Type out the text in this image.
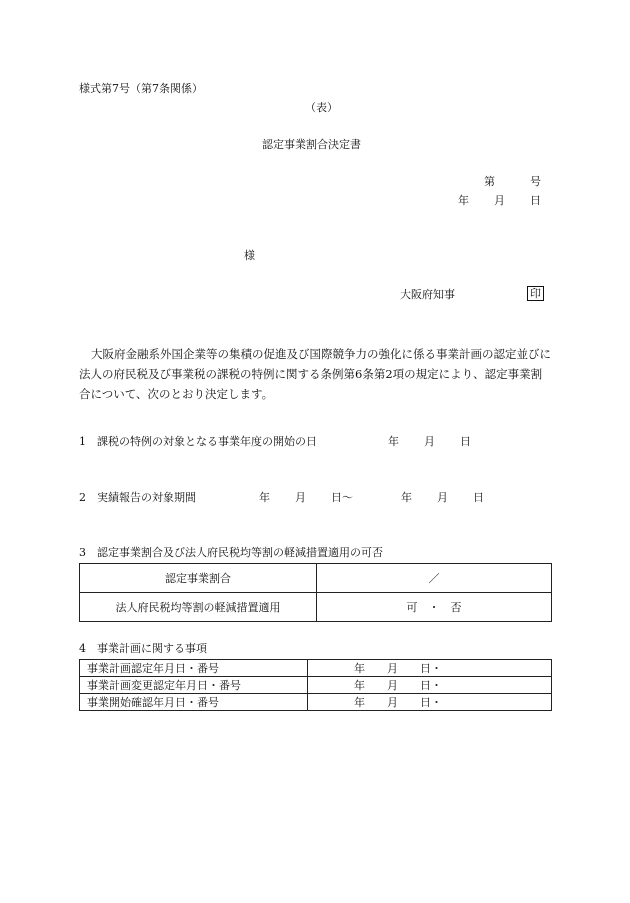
様式第7号（第7条関係）
（表）
認定事業割合決定書
第	号
年 月 日
様
大阪府知事	印
大阪府金融系外国企業等の集積の促進及び国際競争力の強化に係る事業計画の認定並びに法人の府民税及び事業税の課税の特例に関する条例第6条第2項の規定により、認定事業割合について、次のとおり決定します。
1　課税の特例の対象となる事業年度の開始の日	年 月 日
2　実績報告の対象期間	年 月 日〜	年 月 日
3　認定事業割合及び法人府民税均等割の軽減措置適用の可否
認定事業割合	／
法人府民税均等割の軽減措置適用	可　・　否
4　事業計画に関する事項
事業計画認定年月日・番号	年　　月　　日・
事業計画変更認定年月日・番号	年　　月　　日・
事業開始確認年月日・番号	年　　月　　日・
